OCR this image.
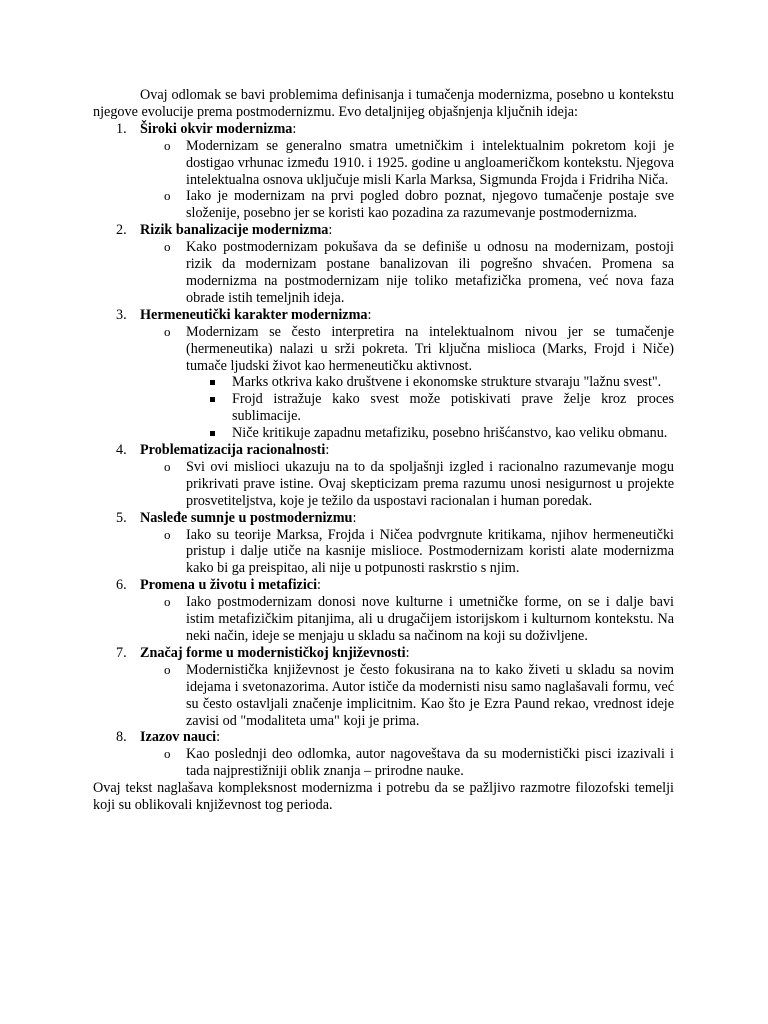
Ovaj odlomak se bavi problemima definisanja i tumačenja modernizma, posebno u kontekstu njegove evolucije prema postmodernizmu. Evo detaljnijeg objašnjenja ključnih ideja:

1. Široki okvir modernizma:
o Modernizam se generalno smatra umetničkim i intelektualnim pokretom koji je dostigao vrhunac između 1910. i 1925. godine u angloameričkom kontekstu. Njegova intelektualna osnova uključuje misli Karla Marksa, Sigmunda Frojda i Fridriha Niča.
o Iako je modernizam na prvi pogled dobro poznat, njegovo tumačenje postaje sve složenije, posebno jer se koristi kao pozadina za razumevanje postmodernizma.
2. Rizik banalizacije modernizma:
o Kako postmodernizam pokušava da se definiše u odnosu na modernizam, postoji rizik da modernizam postane banalizovan ili pogrešno shvaćen. Promena sa modernizma na postmodernizam nije toliko metafizička promena, već nova faza obrade istih temeljnih ideja.
3. Hermeneutički karakter modernizma:
o Modernizam se često interpretira na intelektualnom nivou jer se tumačenje (hermeneutika) nalazi u srži pokreta. Tri ključna mislioca (Marks, Frojd i Niče) tumače ljudski život kao hermeneutičku aktivnost.
Marks otkriva kako društvene i ekonomske strukture stvaraju "lažnu svest".
Frojd istražuje kako svest može potiskivati prave želje kroz proces sublimacije.
Niče kritikuje zapadnu metafiziku, posebno hrišćanstvo, kao veliku obmanu.
4. Problematizacija racionalnosti:
o Svi ovi mislioci ukazuju na to da spoljašnji izgled i racionalno razumevanje mogu prikrivati prave istine. Ovaj skepticizam prema razumu unosi nesigurnost u projekte prosvetiteljstva, koje je težilo da uspostavi racionalan i human poredak.
5. Nasleđe sumnje u postmodernizmu:
o Iako su teorije Marksa, Frojda i Ničea podvrgnute kritikama, njihov hermeneutički pristup i dalje utiče na kasnije mislioce. Postmodernizam koristi alate modernizma kako bi ga preispitao, ali nije u potpunosti raskrstio s njim.
6. Promena u životu i metafizici:
o Iako postmodernizam donosi nove kulturne i umetničke forme, on se i dalje bavi istim metafizičkim pitanjima, ali u drugačijem istorijskom i kulturnom kontekstu. Na neki način, ideje se menjaju u skladu sa načinom na koji su doživljene.
7. Značaj forme u modernističkoj književnosti:
o Modernistička književnost je često fokusirana na to kako živeti u skladu sa novim idejama i svetonazorima. Autor ističe da modernisti nisu samo naglašavali formu, već su često ostavljali značenje implicitnim. Kao što je Ezra Paund rekao, vrednost ideje zavisi od "modaliteta uma" koji je prima.
8. Izazov nauci:
o Kao poslednji deo odlomka, autor nagoveštava da su modernistički pisci izazivali i tada najprestižniji oblik znanja – prirodne nauke.

Ovaj tekst naglašava kompleksnost modernizma i potrebu da se pažljivo razmotre filozofski temelji koji su oblikovali književnost tog perioda.
